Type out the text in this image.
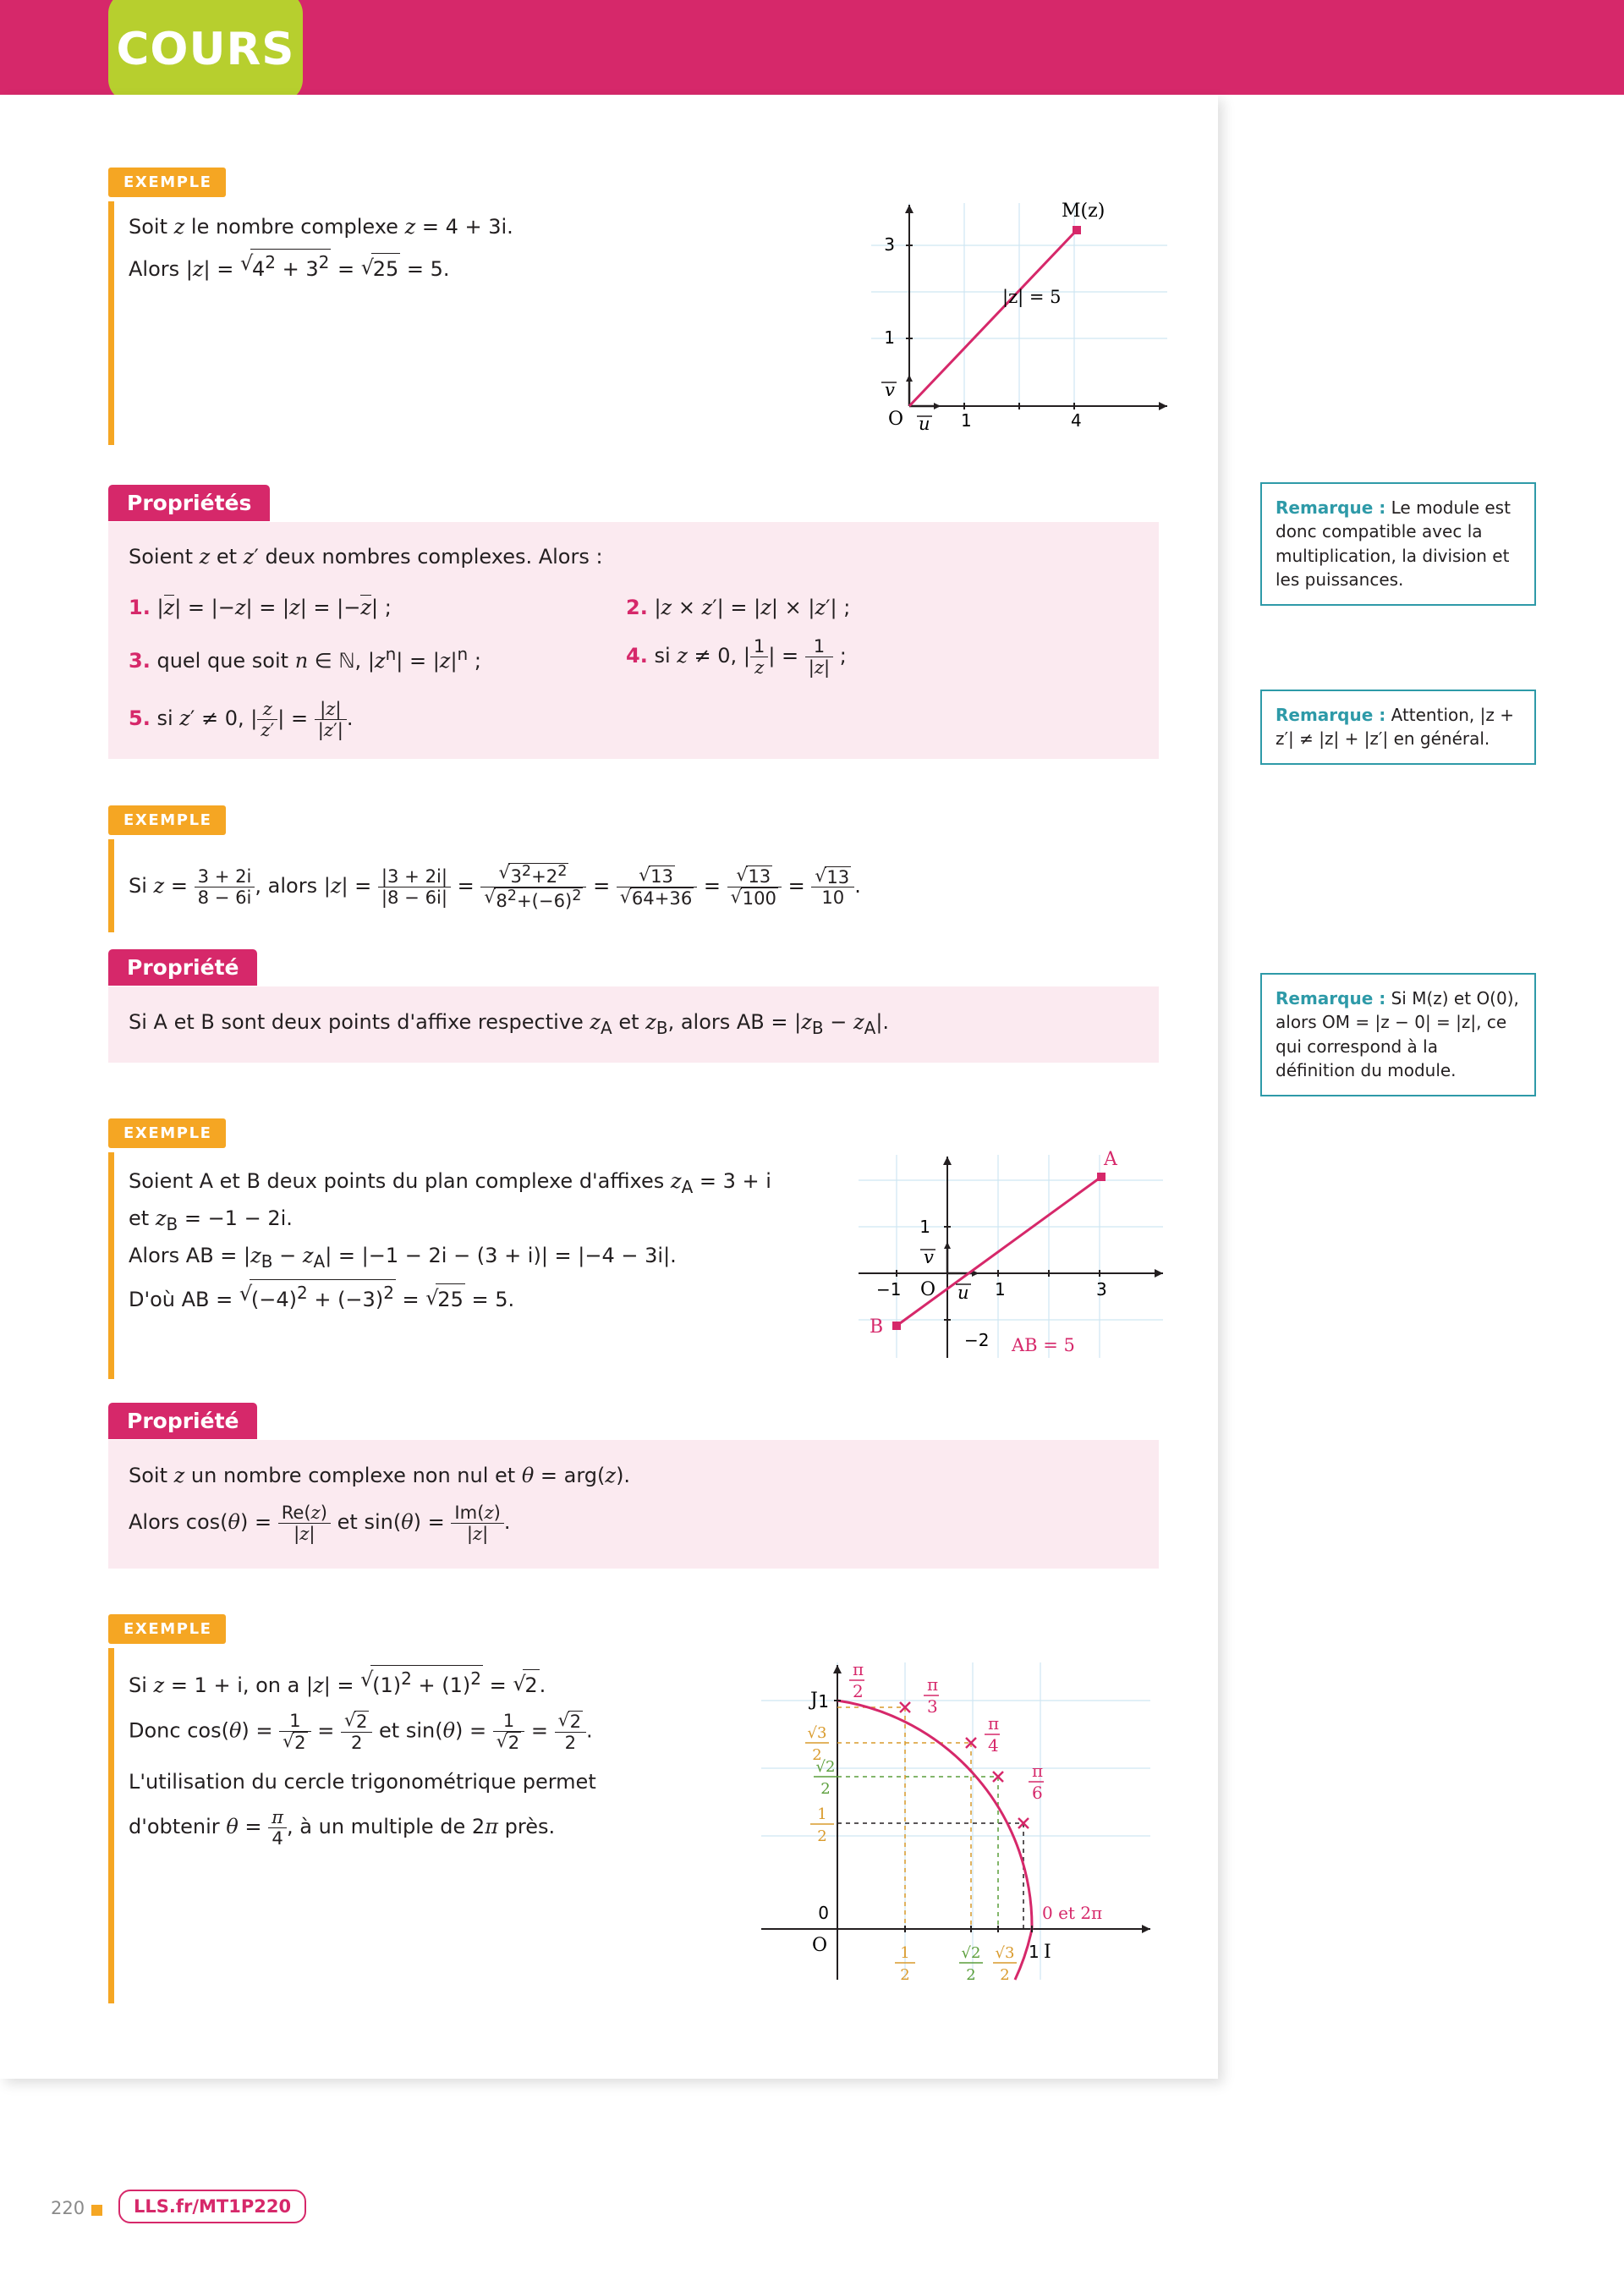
COURS
EXEMPLE
Soit z le nombre complexe z = 4 + 3i.
Alors |z| = √ $4^2 + 3^2$ = √ 25 = 5.
3
1
1	4
O u
v
M(z)
|z| = 5
Propriétés
Soient z et z′ deux nombres complexes. Alors :
1. |z| = |−z| = |z| = |−z| ;	2. |z × z′| = |z| × |z′| ;
3. quel que soit n ∈ ℕ, $|z^n| = |z|^n$ ;	4. si z ≠ 0, | $\frac{1}{z}$ | = $\frac{1}{|z|}$ ;
5. si z′ ≠ 0, | $\frac{z}{z'}$ | = $\frac{|z|}{|z'|}$ .
Remarque : Le module est donc compatible avec la multiplication, la division et les puissances.
Remarque : Attention, |z + z′| ≠ |z| + |z′| en général.
EXEMPLE
Si $z = \frac{3 + 2i}{8 - 6i}$ , alors $|z| = \frac{|3 + 2i|}{|8 - 6i|}$ = √ $3^2+2^2$
√ $8^2+(-6)^2$ = √ 13
√ 64+36 = √ 13
√ 100 = √ $\frac{13}{10}$ .
Propriété
Si A et B sont deux points d'affixe respective $z_A$ et $z_B$, alors AB = $|z_B - z_A|$.
Remarque : Si M(z) et O(0), alors OM = |z − 0| = |z|, ce qui correspond à la définition du module.
EXEMPLE
Soient A et B deux points du plan complexe d'affixes $z_A = 3 + i$
et $z_B = -1 - 2i$.
Alors AB = $|z_B - z_A| = |-1 - 2i - (3 + i)| = |-4 - 3i|$.
D'où AB = √ $(-4)^2 + (-3)^2$ = √ 25 = 5.
A
B
AB = 5
−1	1	3
1
−2
O u
v
Propriété
Soit z un nombre complexe non nul et θ = arg(z).
Alors $\cos(\theta) = \frac{Re(z)}{|z|}$ et $\sin(\theta) = \frac{Im(z)}{|z|}$ .
EXEMPLE
Si z = 1 + i, on a |z| = √ $(1)^2 + (1)^2$ = √ 2.
Donc cos(θ) = 1
√ 2 = √ $\frac{2}{2}$ et sin(θ) = 1
√ 2 = √ $\frac{2}{2}$ .
L'utilisation du cercle trigonométrique permet
d'obtenir $\theta = \frac{\pi}{4}$ , à un multiple de 2π près.
π
2	π
3
π
4
π
6
0 et 2π
1
√3
2
√2
2
1
2
0
1
2
√2
2
√3
2
1
J
I
O
220	LLS.fr/MT1P220
